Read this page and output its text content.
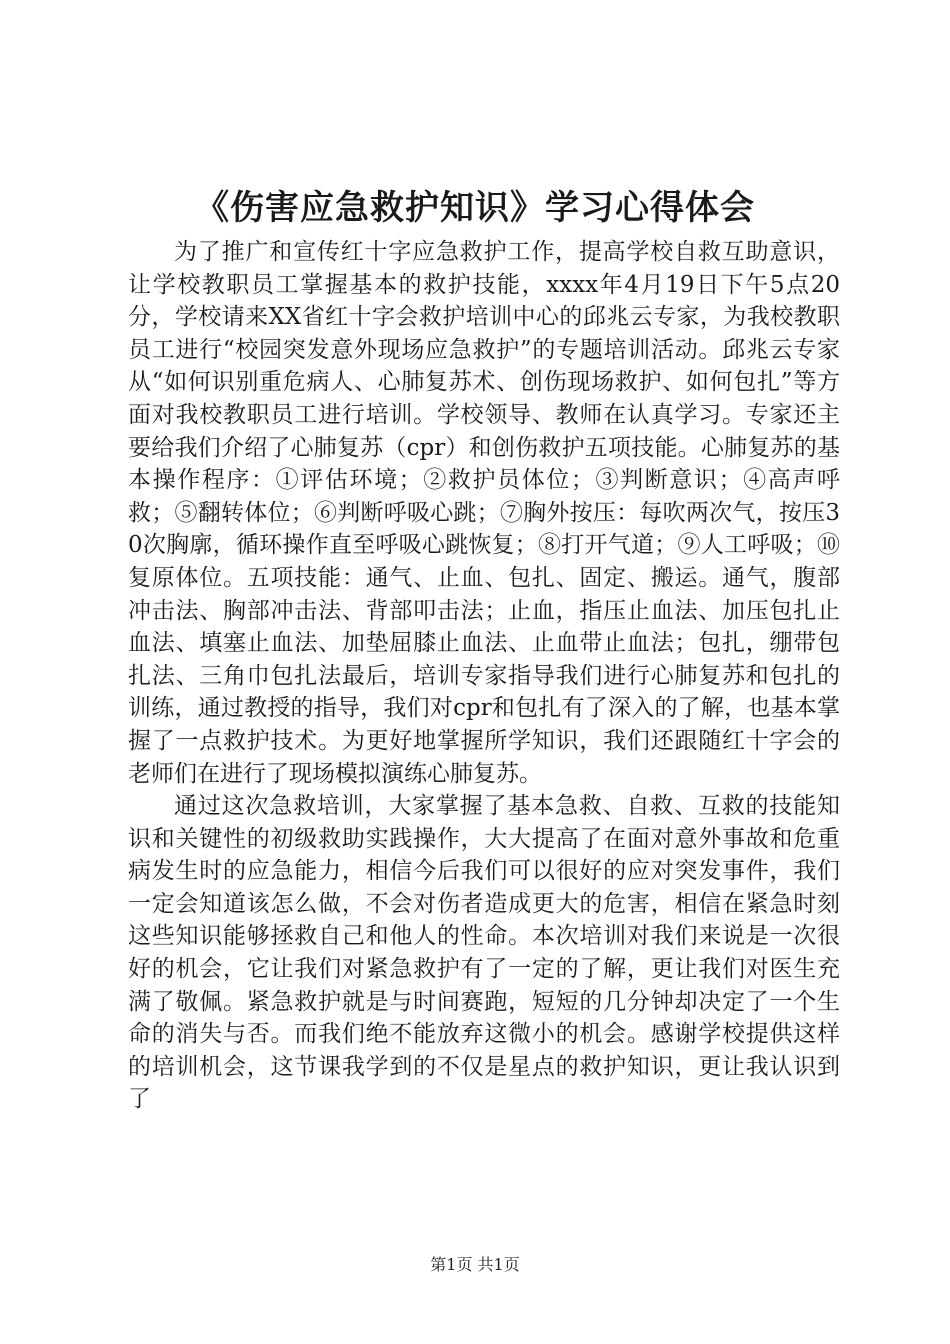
《伤害应急救护知识》学习心得体会

为了推广和宣传红十字应急救护工作，提高学校自救互助意识，让学校教职员工掌握基本的救护技能，xxxx年4月19日下午5点20分，学校请来XX省红十字会救护培训中心的邱兆云专家，为我校教职员工进行“校园突发意外现场应急救护”的专题培训活动。邱兆云专家从“如何识别重危病人、心肺复苏术、创伤现场救护、如何包扎”等方面对我校教职员工进行培训。学校领导、教师在认真学习。专家还主要给我们介绍了心肺复苏（cpr）和创伤救护五项技能。心肺复苏的基本操作程序：①评估环境；②救护员体位；③判断意识；④高声呼救；⑤翻转体位；⑥判断呼吸心跳；⑦胸外按压：每吹两次气，按压30次胸廓，循环操作直至呼吸心跳恢复；⑧打开气道；⑨人工呼吸；⑩复原体位。五项技能：通气、止血、包扎、固定、搬运。通气，腹部冲击法、胸部冲击法、背部叩击法；止血，指压止血法、加压包扎止血法、填塞止血法、加垫屈膝止血法、止血带止血法；包扎，绷带包扎法、三角巾包扎法最后，培训专家指导我们进行心肺复苏和包扎的训练，通过教授的指导，我们对cpr和包扎有了深入的了解，也基本掌握了一点救护技术。为更好地掌握所学知识，我们还跟随红十字会的老师们在进行了现场模拟演练心肺复苏。

通过这次急救培训，大家掌握了基本急救、自救、互救的技能知识和关键性的初级救助实践操作，大大提高了在面对意外事故和危重病发生时的应急能力，相信今后我们可以很好的应对突发事件，我们一定会知道该怎么做，不会对伤者造成更大的危害，相信在紧急时刻这些知识能够拯救自己和他人的性命。本次培训对我们来说是一次很好的机会，它让我们对紧急救护有了一定的了解，更让我们对医生充满了敬佩。紧急救护就是与时间赛跑，短短的几分钟却决定了一个生命的消失与否。而我们绝不能放弃这微小的机会。感谢学校提供这样的培训机会，这节课我学到的不仅是星点的救护知识，更让我认识到了

第1页 共1页
